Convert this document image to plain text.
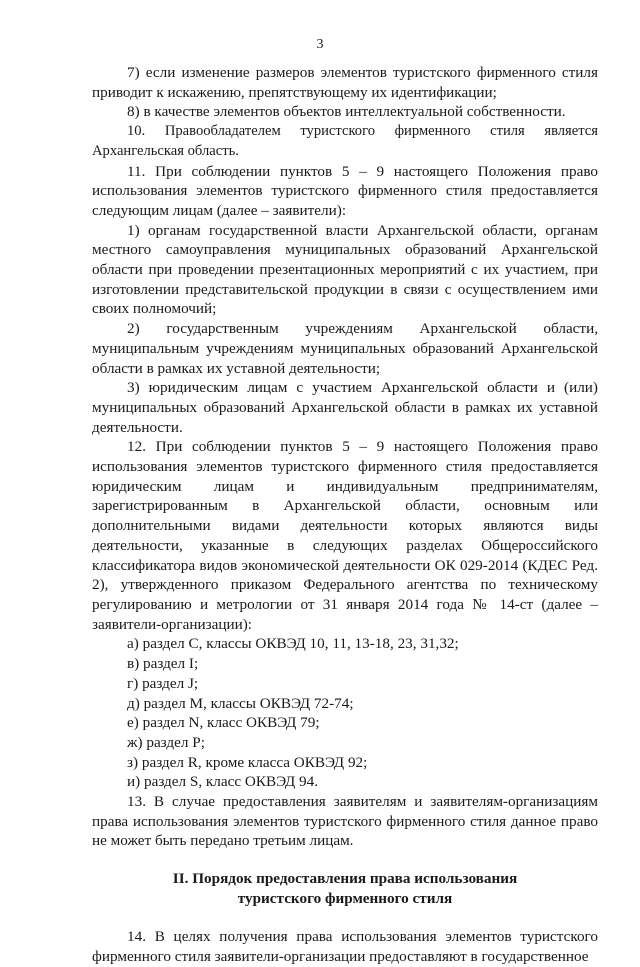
3

7) если изменение размеров элементов туристского фирменного стиля приводит к искажению, препятствующему их идентификации;

8) в качестве элементов объектов интеллектуальной собственности.

10. Правообладателем туристского фирменного стиля является Архангельская область.

11. При соблюдении пунктов 5 – 9 настоящего Положения право использования элементов туристского фирменного стиля предоставляется следующим лицам (далее – заявители):

1) органам государственной власти Архангельской области, органам местного самоуправления муниципальных образований Архангельской области при проведении презентационных мероприятий с их участием, при изготовлении представительской продукции в связи с осуществлением ими своих полномочий;

2) государственным учреждениям Архангельской области, муниципальным учреждениям муниципальных образований Архангельской области в рамках их уставной деятельности;

3) юридическим лицам с участием Архангельской области и (или) муниципальных образований Архангельской области в рамках их уставной деятельности.

12. При соблюдении пунктов 5 – 9 настоящего Положения право использования элементов туристского фирменного стиля предоставляется юридическим лицам и индивидуальным предпринимателям, зарегистрированным в Архангельской области, основным или дополнительными видами деятельности которых являются виды деятельности, указанные в следующих разделах Общероссийского классификатора видов экономической деятельности ОК 029-2014 (КДЕС Ред. 2), утвержденного приказом Федерального агентства по техническому регулированию и метрологии от 31 января 2014 года № 14-ст (далее – заявители-организации):

а) раздел C, классы ОКВЭД 10, 11, 13-18, 23, 31,32;

в) раздел I;

г) раздел J;

д) раздел M, классы ОКВЭД 72-74;

е) раздел N, класс ОКВЭД 79;

ж) раздел P;

з) раздел R, кроме класса ОКВЭД 92;

и) раздел S, класс ОКВЭД 94.

13. В случае предоставления заявителям и заявителям-организациям права использования элементов туристского фирменного стиля данное право не может быть передано третьим лицам.

II. Порядок предоставления права использования
туристского фирменного стиля

14. В целях получения права использования элементов туристского фирменного стиля заявители-организации предоставляют в государственное
